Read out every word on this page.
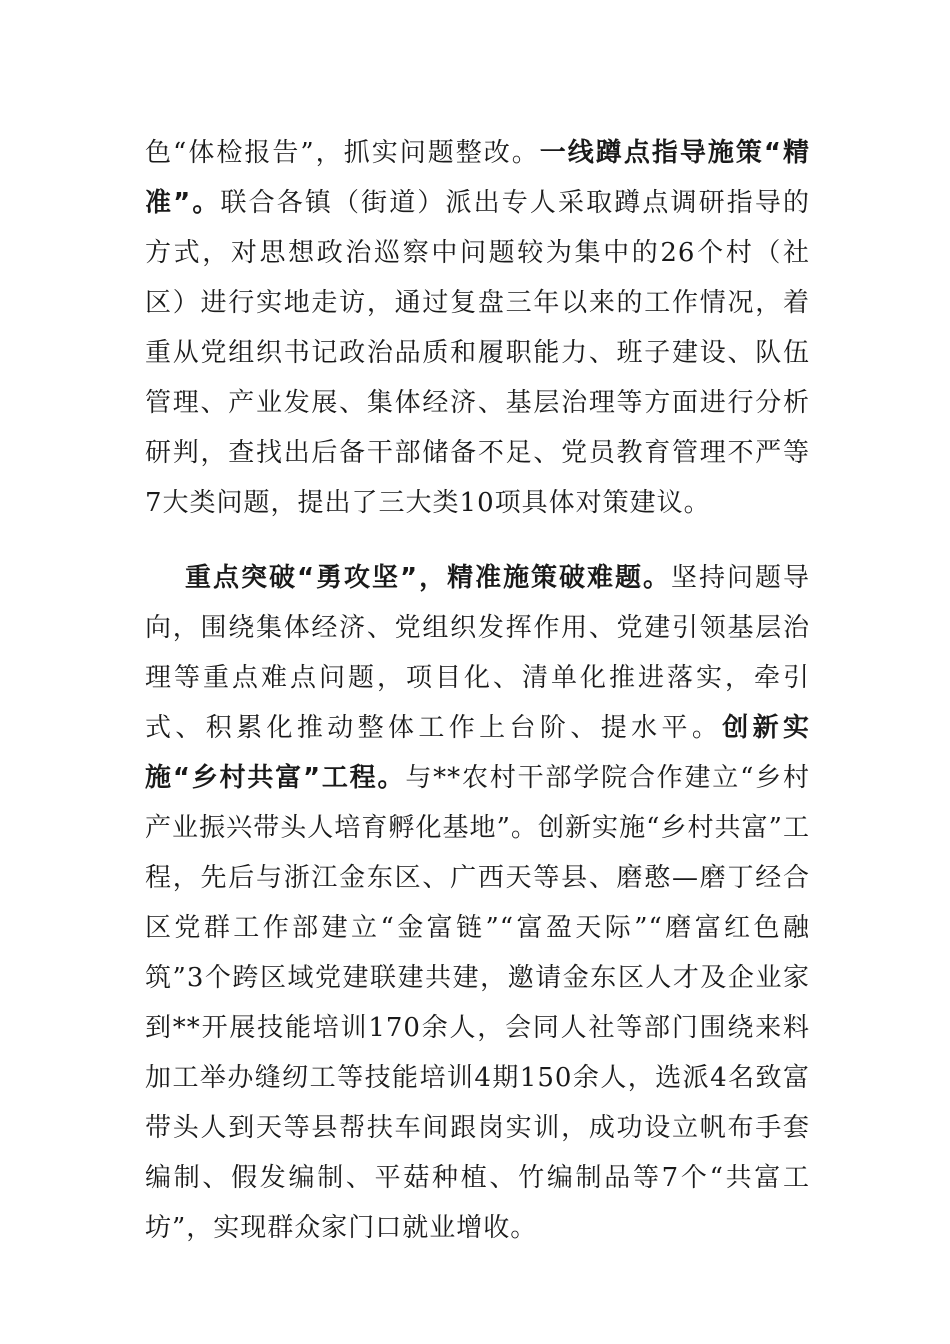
色“体检报告”，抓实问题整改。一线蹲点指导施策“精准”。联合各镇（街道）派出专人采取蹲点调研指导的方式，对思想政治巡察中问题较为集中的26个村（社区）进行实地走访，通过复盘三年以来的工作情况，着重从党组织书记政治品质和履职能力、班子建设、队伍管理、产业发展、集体经济、基层治理等方面进行分析研判，查找出后备干部储备不足、党员教育管理不严等7大类问题，提出了三大类10项具体对策建议。

重点突破“勇攻坚”，精准施策破难题。坚持问题导向，围绕集体经济、党组织发挥作用、党建引领基层治理等重点难点问题，项目化、清单化推进落实，牵引式、积累化推动整体工作上台阶、提水平。创新实施“乡村共富”工程。与**农村干部学院合作建立“乡村产业振兴带头人培育孵化基地”。创新实施“乡村共富”工程，先后与浙江金东区、广西天等县、磨憨—磨丁经合区党群工作部建立“金富链”“富盈天际”“磨富红色融筑”3个跨区域党建联建共建，邀请金东区人才及企业家到**开展技能培训170余人，会同人社等部门围绕来料加工举办缝纫工等技能培训4期150余人，选派4名致富带头人到天等县帮扶车间跟岗实训，成功设立帆布手套编制、假发编制、平菇种植、竹编制品等7个“共富工坊”，实现群众家门口就业增收。
